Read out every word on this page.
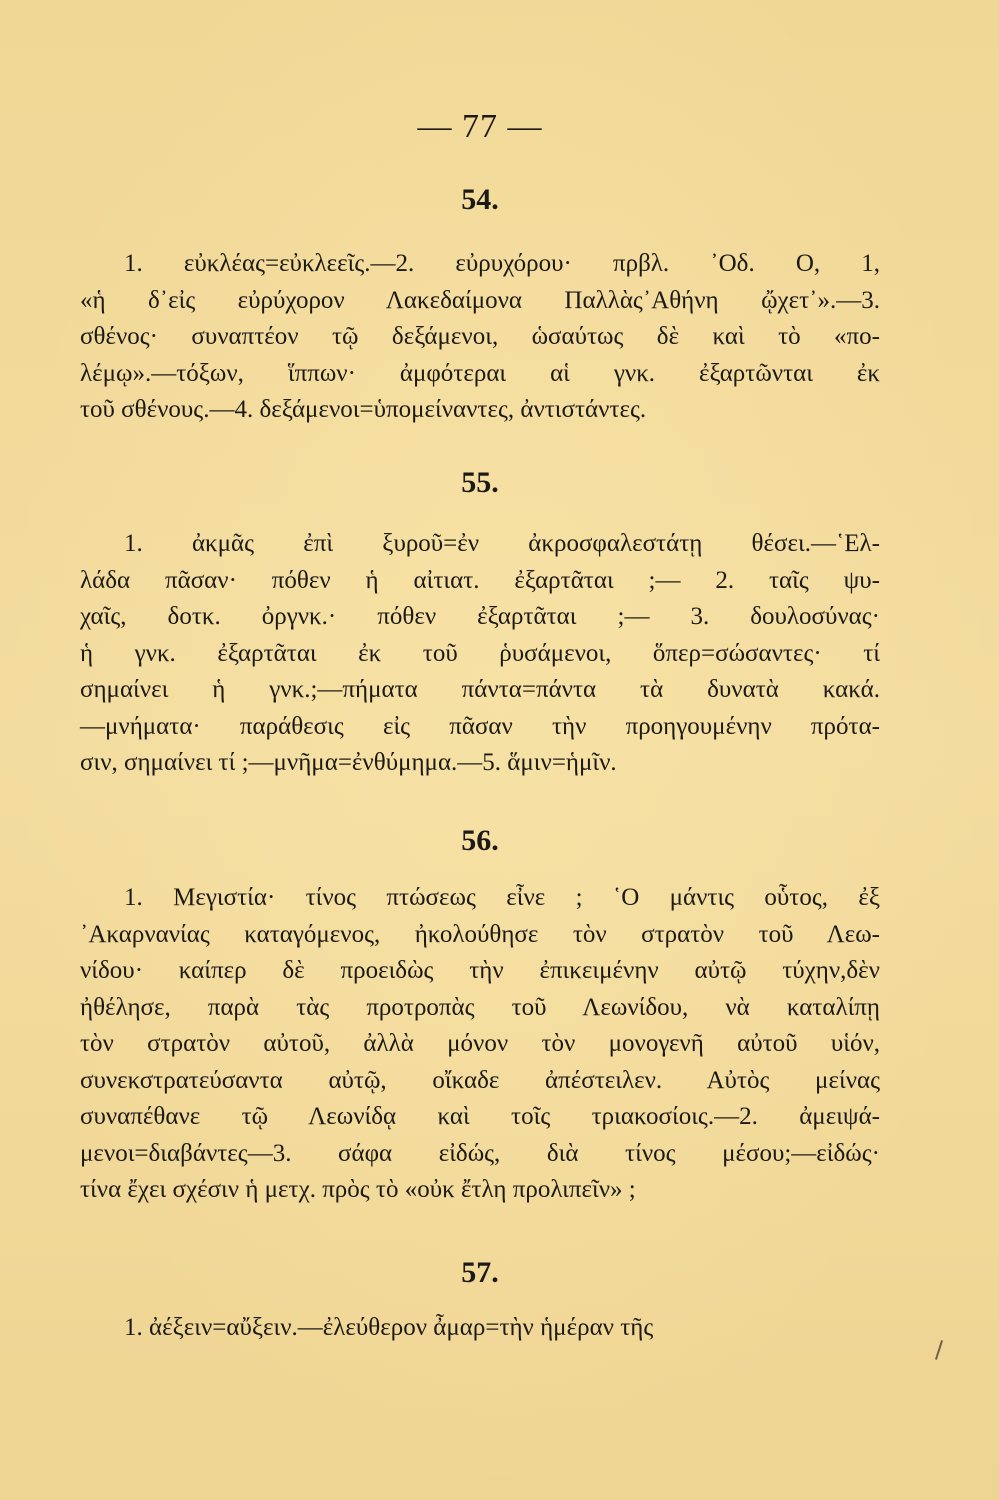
— 77 —
54.
1. εὐκλέας=εὐκλεεῖς.—2. εὐρυχόρου· πρβλ. ᾿Οδ. Ο, 1,
«ἡ δ᾿εἰς εὐρύχορον Λακεδαίμονα Παλλὰς᾿Αθήνη ᾤχετ᾿».—3.
σθένος· συναπτέον τῷ δεξάμενοι, ὡσαύτως δὲ καὶ τὸ «πο-
λέμῳ».—τόξων, ἵππων· ἀμφότεραι αἱ γνκ. ἐξαρτῶνται ἐκ
τοῦ σθένους.—4. δεξάμενοι=ὑπομείναντες, ἀντιστάντες.
55.
1. ἀκμᾶς ἐπὶ ξυροῦ=ἐν ἀκροσφαλεστάτῃ θέσει.—῾Ελ-
λάδα πᾶσαν· πόθεν ἡ αἰτιατ. ἐξαρτᾶται ;— 2. ταῖς ψυ-
χαῖς, δοτκ. ὀργνκ.· πόθεν ἐξαρτᾶται ;— 3. δουλοσύνας·
ἡ γνκ. ἐξαρτᾶται ἐκ τοῦ ῥυσάμενοι, ὅπερ=σώσαντες· τί
σημαίνει ἡ γνκ.;—πήματα πάντα=πάντα τὰ δυνατὰ κακά.
—μνήματα· παράθεσις εἰς πᾶσαν τὴν προηγουμένην πρότα-
σιν, σημαίνει τί ;—μνῆμα=ἐνθύμημα.—5. ἅμιν=ἡμῖν.
56.
1. Μεγιστία· τίνος πτώσεως εἶνε ; ῾Ο μάντις οὗτος, ἐξ
᾿Ακαρνανίας καταγόμενος, ἠκολούθησε τὸν στρατὸν τοῦ Λεω-
νίδου· καίπερ δὲ προειδὼς τὴν ἐπικειμένην αὐτῷ τύχην,δὲν
ἠθέλησε, παρὰ τὰς προτροπὰς τοῦ Λεωνίδου, νὰ καταλίπῃ
τὸν στρατὸν αὐτοῦ, ἀλλὰ μόνον τὸν μονογενῆ αὐτοῦ υἱόν,
συνεκστρατεύσαντα αὐτῷ, οἴκαδε ἀπέστειλεν. Αὐτὸς μείνας
συναπέθανε τῷ Λεωνίδᾳ καὶ τοῖς τριακοσίοις.—2. ἀμειψά-
μενοι=διαβάντες—3. σάφα εἰδώς, διὰ τίνος μέσου;—εἰδώς·
τίνα ἔχει σχέσιν ἡ μετχ. πρὸς τὸ «οὐκ ἔτλη προλιπεῖν» ;
57.
1. ἀέξειν=αὔξειν.—ἐλεύθερον ἆμαρ=τὴν ἡμέραν τῆς
